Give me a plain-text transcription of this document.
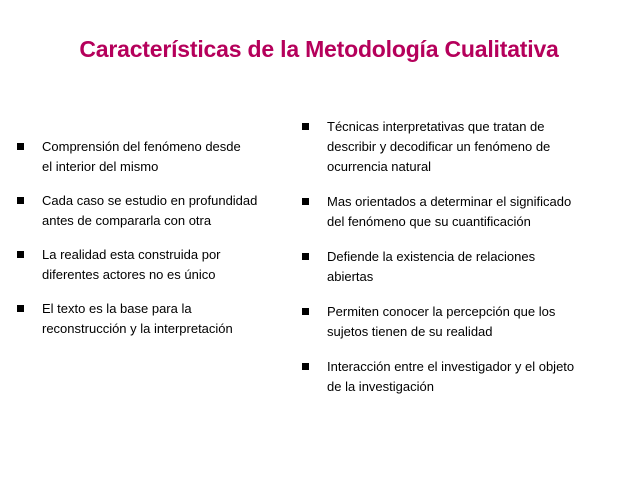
Características de la Metodología Cualitativa
Comprensión del fenómeno desde
el interior del mismo
Cada caso se estudio en profundidad
antes de compararla con otra
La realidad esta construida por
diferentes actores no es único
El texto es la base para la
reconstrucción y la interpretación
Técnicas interpretativas que tratan de
describir y decodificar un fenómeno de
ocurrencia natural
Mas orientados a determinar el significado
del fenómeno que su cuantificación
Defiende la existencia de relaciones
abiertas
Permiten conocer la percepción que los
sujetos tienen de su realidad
Interacción entre el investigador y el objeto
de la investigación
